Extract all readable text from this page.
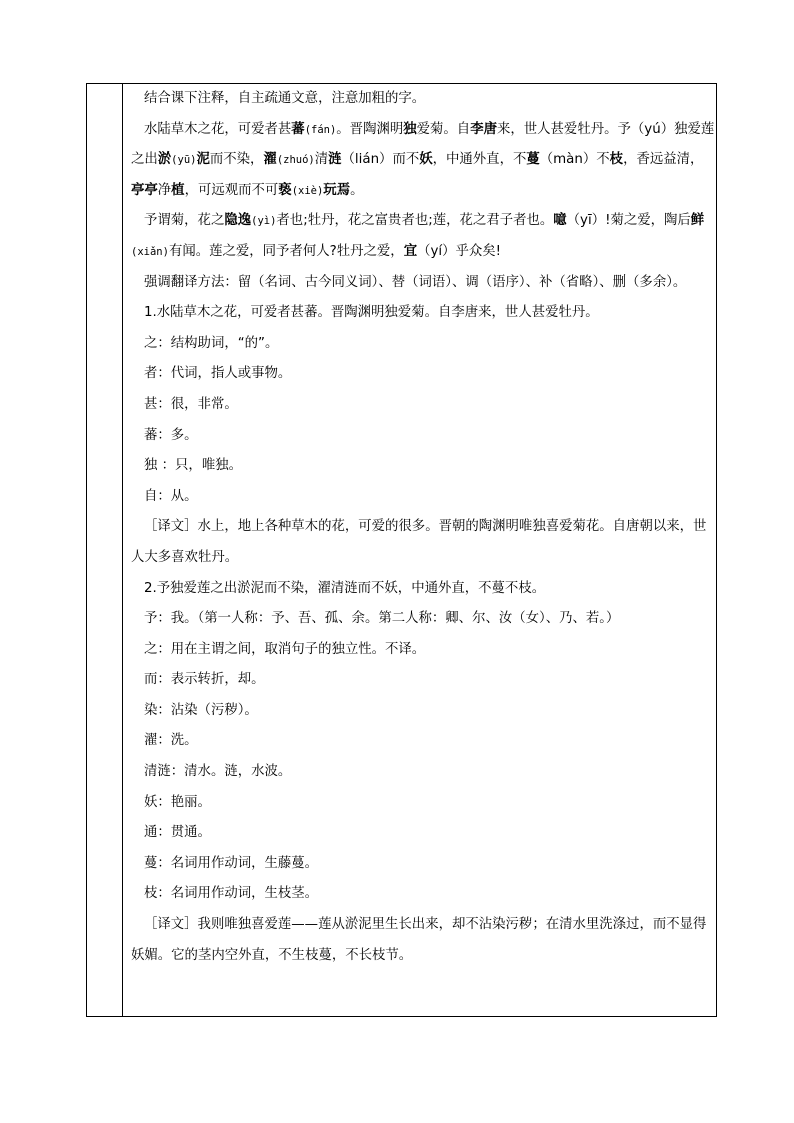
结合课下注释，自主疏通文意，注意加粗的字。

水陆草木之花，可爱者甚蕃(fán)。晋陶渊明独爱菊。自李唐来，世人甚爱牡丹。予（yú）独爱莲之出淤(yū)泥而不染，濯(zhuó)清涟（lián）而不妖，中通外直，不蔓（màn）不枝，香远益清，亭亭净植，可远观而不可亵(xiè)玩焉。

予谓菊，花之隐逸(yì)者也;牡丹，花之富贵者也;莲，花之君子者也。噫（yī）!菊之爱，陶后鲜(xiǎn)有闻。莲之爱，同予者何人?牡丹之爱，宜（yí）乎众矣!

强调翻译方法：留（名词、古今同义词）、替（词语）、调（语序）、补（省略）、删（多余）。

1.水陆草木之花，可爱者甚蕃。晋陶渊明独爱菊。自李唐来，世人甚爱牡丹。

之：结构助词，“的”。

者：代词，指人或事物。

甚：很，非常。

蕃：多。

独 ：只，唯独。

自：从。

［译文］水上，地上各种草木的花，可爱的很多。晋朝的陶渊明唯独喜爱菊花。自唐朝以来，世人大多喜欢牡丹。

2.予独爱莲之出淤泥而不染，濯清涟而不妖，中通外直，不蔓不枝。

予：我。（第一人称：予、吾、孤、余。第二人称：卿、尔、汝（女）、乃、若。）

之：用在主谓之间，取消句子的独立性。不译。

而：表示转折，却。

染：沾染（污秽）。

濯：洗。

清涟：清水。涟，水波。

妖：艳丽。

通：贯通。

蔓：名词用作动词，生藤蔓。

枝：名词用作动词，生枝茎。

［译文］我则唯独喜爱莲——莲从淤泥里生长出来，却不沾染污秽；在清水里洗涤过，而不显得妖媚。它的茎内空外直，不生枝蔓，不长枝节。
